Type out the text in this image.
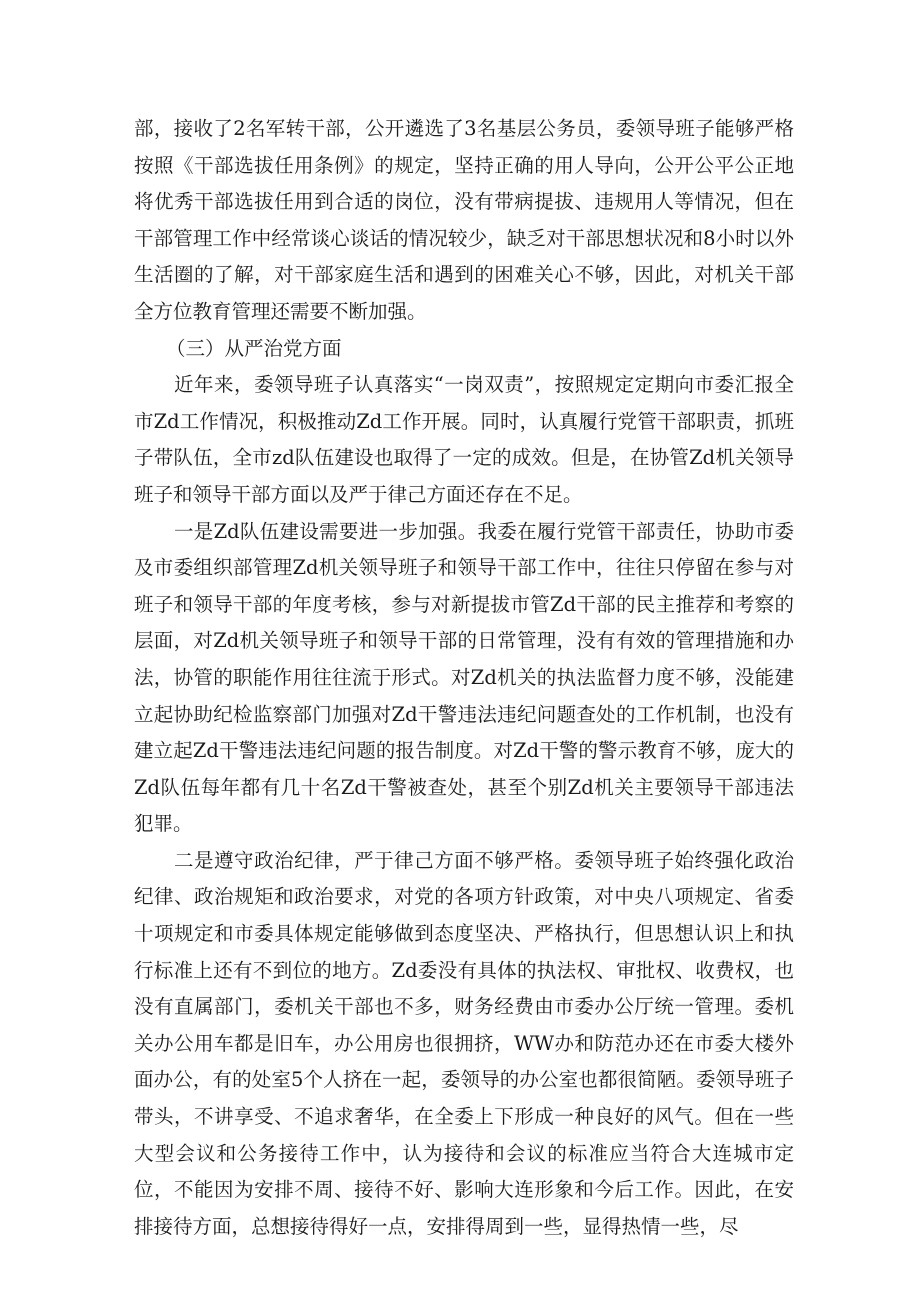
部，接收了2名军转干部，公开遴选了3名基层公务员，委领导班子能够严格按照《干部选拔任用条例》的规定，坚持正确的用人导向，公开公平公正地将优秀干部选拔任用到合适的岗位，没有带病提拔、违规用人等情况，但在干部管理工作中经常谈心谈话的情况较少，缺乏对干部思想状况和8小时以外生活圈的了解，对干部家庭生活和遇到的困难关心不够，因此，对机关干部全方位教育管理还需要不断加强。

（三）从严治党方面

近年来，委领导班子认真落实“一岗双责”，按照规定定期向市委汇报全市Zd工作情况，积极推动Zd工作开展。同时，认真履行党管干部职责，抓班子带队伍，全市zd队伍建设也取得了一定的成效。但是，在协管Zd机关领导班子和领导干部方面以及严于律己方面还存在不足。

一是Zd队伍建设需要进一步加强。我委在履行党管干部责任，协助市委及市委组织部管理Zd机关领导班子和领导干部工作中，往往只停留在参与对班子和领导干部的年度考核，参与对新提拔市管Zd干部的民主推荐和考察的层面，对Zd机关领导班子和领导干部的日常管理，没有有效的管理措施和办法，协管的职能作用往往流于形式。对Zd机关的执法监督力度不够，没能建立起协助纪检监察部门加强对Zd干警违法违纪问题查处的工作机制，也没有建立起Zd干警违法违纪问题的报告制度。对Zd干警的警示教育不够，庞大的Zd队伍每年都有几十名Zd干警被查处，甚至个别Zd机关主要领导干部违法犯罪。

二是遵守政治纪律，严于律己方面不够严格。委领导班子始终强化政治纪律、政治规矩和政治要求，对党的各项方针政策，对中央八项规定、省委十项规定和市委具体规定能够做到态度坚决、严格执行，但思想认识上和执行标准上还有不到位的地方。Zd委没有具体的执法权、审批权、收费权，也没有直属部门，委机关干部也不多，财务经费由市委办公厅统一管理。委机关办公用车都是旧车，办公用房也很拥挤，WW办和防范办还在市委大楼外面办公，有的处室5个人挤在一起，委领导的办公室也都很简陋。委领导班子带头，不讲享受、不追求奢华，在全委上下形成一种良好的风气。但在一些大型会议和公务接待工作中，认为接待和会议的标准应当符合大连城市定位，不能因为安排不周、接待不好、影响大连形象和今后工作。因此，在安排接待方面，总想接待得好一点，安排得周到一些，显得热情一些，尽
